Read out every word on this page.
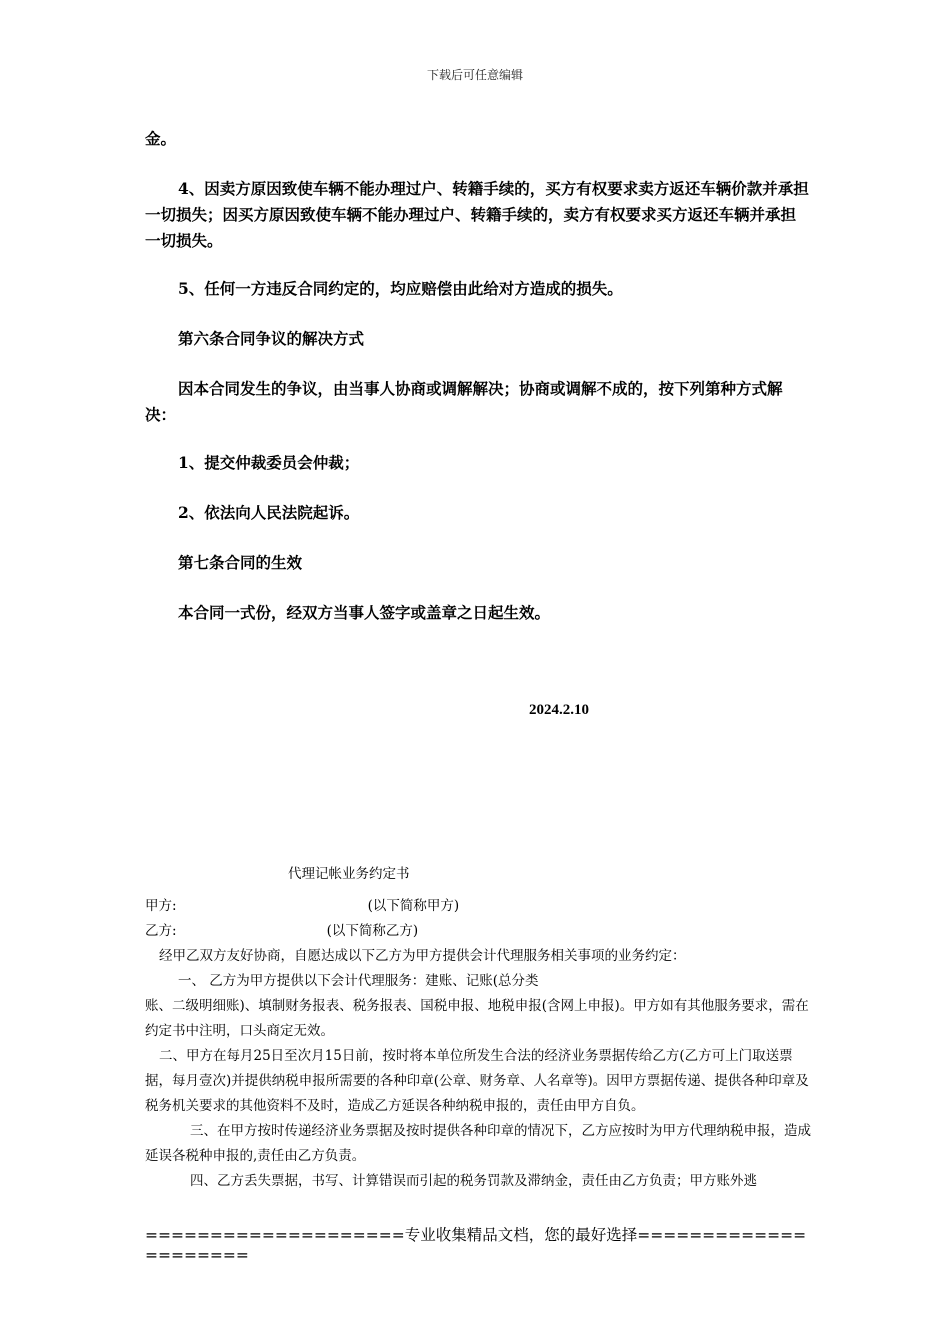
下载后可任意编辑

金。

4、因卖方原因致使车辆不能办理过户、转籍手续的，买方有权要求卖方返还车辆价款并承担一切损失；因买方原因致使车辆不能办理过户、转籍手续的，卖方有权要求买方返还车辆并承担一切损失。

5、任何一方违反合同约定的，均应赔偿由此给对方造成的损失。

第六条合同争议的解决方式

因本合同发生的争议，由当事人协商或调解解决；协商或调解不成的，按下列第种方式解决：

1、提交仲裁委员会仲裁；

2、依法向人民法院起诉。

第七条合同的生效

本合同一式份，经双方当事人签字或盖章之日起生效。

2024.2.10
代理记帐业务约定书

甲方:	(以下简称甲方)

乙方:	(以下简称乙方)

经甲乙双方友好协商，自愿达成以下乙方为甲方提供会计代理服务相关事项的业务约定：

一、 乙方为甲方提供以下会计代理服务：建账、记账(总分类

账、二级明细账)、填制财务报表、税务报表、国税申报、地税申报(含网上申报)。甲方如有其他服务要求，需在约定书中注明，口头商定无效。

二、甲方在每月25日至次月15日前，按时将本单位所发生合法的经济业务票据传给乙方(乙方可上门取送票据，每月壹次)并提供纳税申报所需要的各种印章(公章、财务章、人名章等)。因甲方票据传递、提供各种印章及税务机关要求的其他资料不及时，造成乙方延误各种纳税申报的，责任由甲方自负。

三、在甲方按时传递经济业务票据及按时提供各种印章的情况下，乙方应按时为甲方代理纳税申报，造成延误各税种申报的,责任由乙方负责。

四、乙方丢失票据，书写、计算错误而引起的税务罚款及滞纳金，责任由乙方负责；甲方账外逃

====================专业收集精品文档，您的最好选择=====================
